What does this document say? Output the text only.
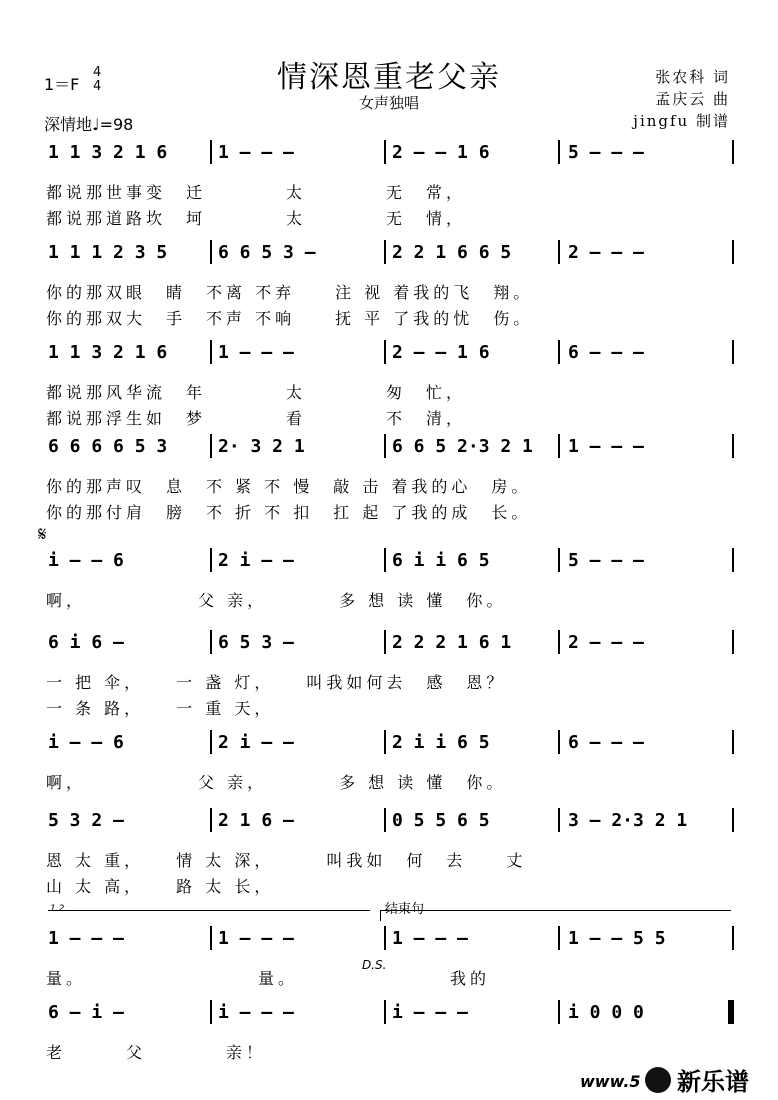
情深恩重老父亲
女声独唱
1＝F
4
4
深情地♩=98
张农科 词
孟庆云 曲
jingfu 制谱
1 1 3 2 1 6	1 – – –	2 – – 1 6	5 – – –
都说那世事变　迁　　　　太　　　　无　常，
都说那道路坎　坷　　　　太　　　　无　情，
1 1 1 2 3 5	6 6 5 3 –	2 2 1 6 6 5	2 – – –
你的那双眼　睛　不离 不弃　　注 视 着我的飞　翔。
你的那双大　手　不声 不响　　抚 平 了我的忧　伤。
1 1 3 2 1 6	1 – – –	2 – – 1 6	6 – – –
都说那风华流　年　　　　太　　　　匆　忙，
都说那浮生如　梦　　　　看　　　　不　清，
6 6 6 6 5 3	2· 3 2 1	6 6 5 2·3 2 1 1 – – –
你的那声叹　息　不 紧 不 慢　敲 击 着我的心　房。
你的那付肩　膀　不 折 不 扣　扛 起 了我的成　长。
i – – 6	2 i – –	6 i i 6 5	5 – – –
啊，　　　　　　父 亲，　　　　多 想 读 懂　你。
6 i 6 –	6 5 3 –	2 2 2 1 6 1	2 – – –
一 把 伞，　　一 盏 灯，　　叫我如何去　感　恩？
一 条 路，　　一 重 天，
i – – 6	2 i – –	2 i i 6 5	6 – – –
啊，　　　　　　父 亲，　　　　多 想 读 懂　你。
5 3 2 –	2 1 6 –	0 5 5 6 5	3 – 2·3 2 1
恩 太 重，　　情 太 深，　　　叫我如　何　去　　丈
山 太 高，　　路 太 长，
1 – – –	1 – – –	1 – – –	1 – – 5 5
量。　　　　　　　　　量。　　　　　　　　我的
6 – i –	i – – –	i – – –	i 0 0 0
老　　　父　　　　亲！
𝄋
D.S.
结束句
1.2.
www.5	新乐谱
